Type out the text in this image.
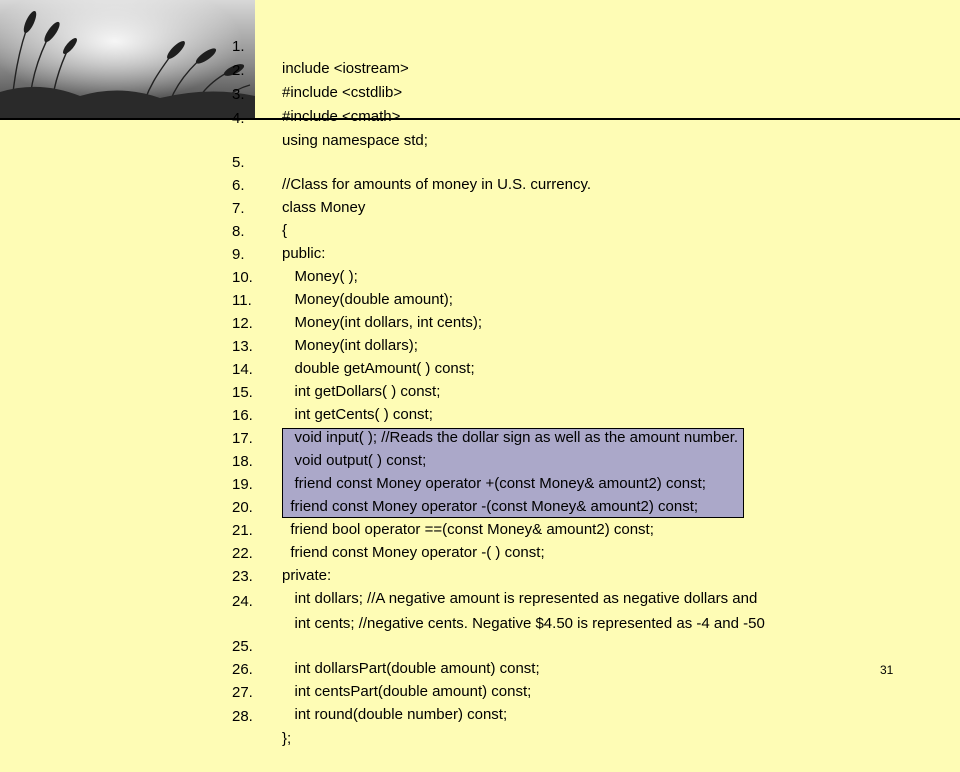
1.

include <iostream>

2.

#include <cstdlib>

3.

#include <cmath>

4.

using namespace std;

5.

//Class for amounts of money in U.S. currency.

6.

class Money

7.

{

8.

public:

9.

Money( );

10.

Money(double amount);

11.

Money(int dollars, int cents);

12.

Money(int dollars);

13.

double getAmount( ) const;

14.

int getDollars( ) const;

15.

int getCents( ) const;

16.

void input( ); //Reads the dollar sign as well as the amount number.

17.

void output( ) const;

18.

friend const Money operator +(const Money& amount2) const;

19.

friend const Money operator -(const Money& amount2) const;

20.

friend bool operator ==(const Money& amount2) const;

21.

friend const Money operator -( ) const;

22.

private:

23.

int dollars; //A negative amount is represented as negative dollars and

24.

int cents; //negative cents. Negative $4.50 is represented as -4 and -50

25.

int dollarsPart(double amount) const;

26.

int centsPart(double amount) const;

27.

int round(double number) const;

28.

};

31
